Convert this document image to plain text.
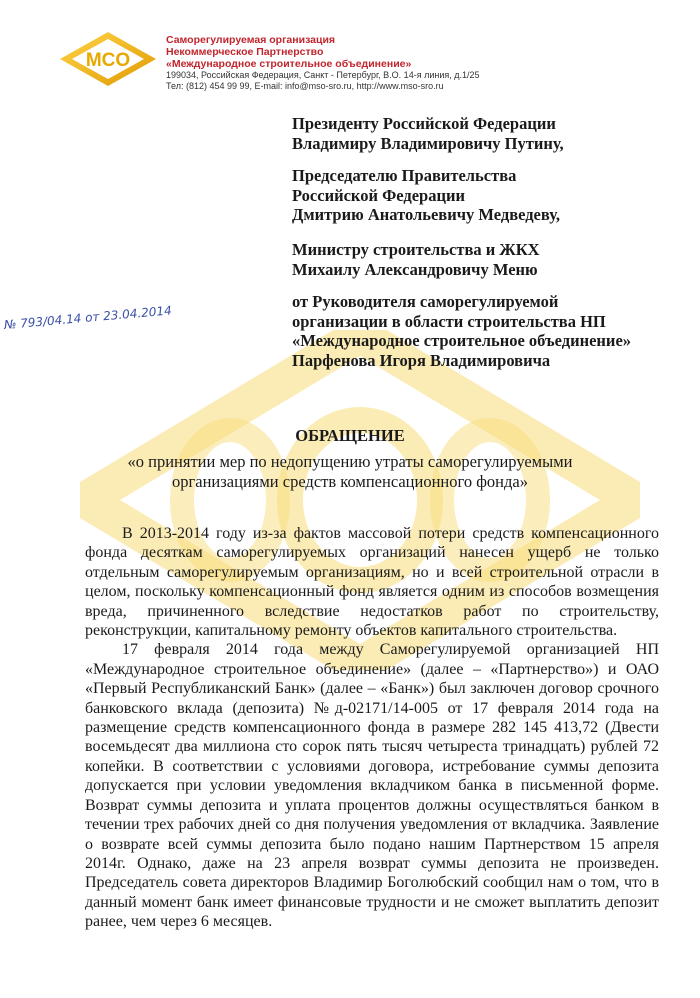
MCO
Саморегулируемая организация
Некоммерческое Партнерство
«Международное строительное объединение»
199034, Российская Федерация, Санкт - Петербург, В.О. 14-я линия, д.1/25
Тел: (812) 454 99 99, E-mail: info@mso-sro.ru, http://www.mso-sro.ru
Президенту Российской Федерации
Владимиру Владимировичу Путину,
Председателю Правительства
Российской Федерации
Дмитрию Анатольевичу Медведеву,
Министру строительства и ЖКХ
Михаилу Александровичу Меню
от Руководителя саморегулируемой
организации в области строительства НП
«Международное строительное объединение»
Парфенова Игоря Владимировича
№ 793/04.14 от 23.04.2014
ОБРАЩЕНИЕ
«о принятии мер по недопущению утраты саморегулируемыми
организациями средств компенсационного фонда»

В 2013-2014 году из-за фактов массовой потери средств компенсационного фонда десяткам саморегулируемых организаций нанесен ущерб не только отдельным саморегулируемым организациям, но и всей строительной отрасли в целом, поскольку компенсационный фонд является одним из способов возмещения вреда, причиненного вследствие недостатков работ по строительству, реконструкции, капитальному ремонту объектов капитального строительства.

17 февраля 2014 года между Саморегулируемой организацией НП «Международное строительное объединение» (далее – «Партнерство») и ОАО «Первый Республиканский Банк» (далее – «Банк») был заключен договор срочного банковского вклада (депозита) №д-02171/14-005 от 17 февраля 2014 года на размещение средств компенсационного фонда в размере 282 145 413,72 (Двести восемьдесят два миллиона сто сорок пять тысяч четыреста тринадцать) рублей 72 копейки. В соответствии с условиями договора, истребование суммы депозита допускается при условии уведомления вкладчиком банка в письменной форме. Возврат суммы депозита и уплата процентов должны осуществляться банком в течении трех рабочих дней со дня получения уведомления от вкладчика. Заявление о возврате всей суммы депозита было подано нашим Партнерством 15 апреля 2014г. Однако, даже на 23 апреля возврат суммы депозита не произведен. Председатель совета директоров Владимир Боголюбский сообщил нам о том, что в данный момент банк имеет финансовые трудности и не сможет выплатить депозит ранее, чем через 6 месяцев.
